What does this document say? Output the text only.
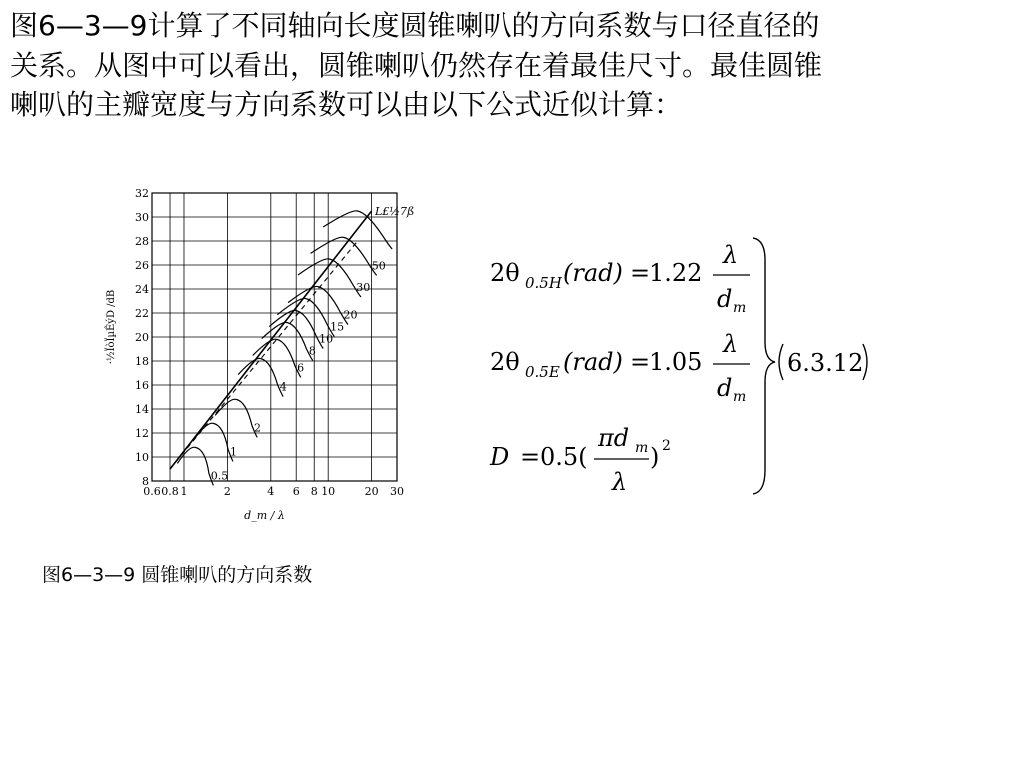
图6—3—9计算了不同轴向长度圆锥喇叭的方向系数与口径直径的
关系。从图中可以看出，圆锥喇叭仍然存在着最佳尺寸。最佳圆锥
喇叭的主瓣宽度与方向系数可以由以下公式近似计算：
8
10
12
14
16
18
20
22
24
26
28
30
32
0.6 0.8 1	2	4 6 8 10	20 30
d_m / λ
·½ÏòÏµÊýD /dB
0.5
1
2
4
6
8
10
15
20
30
50
L£½7ß
图6—3—9 圆锥喇叭的方向系数
2θ 0.5H (rad) =
1.22
λ
d m
2θ 0.5E (rad) =
1.05
λ
d m
D = 0.5(
πd m
λ
) 2
6.3.12
